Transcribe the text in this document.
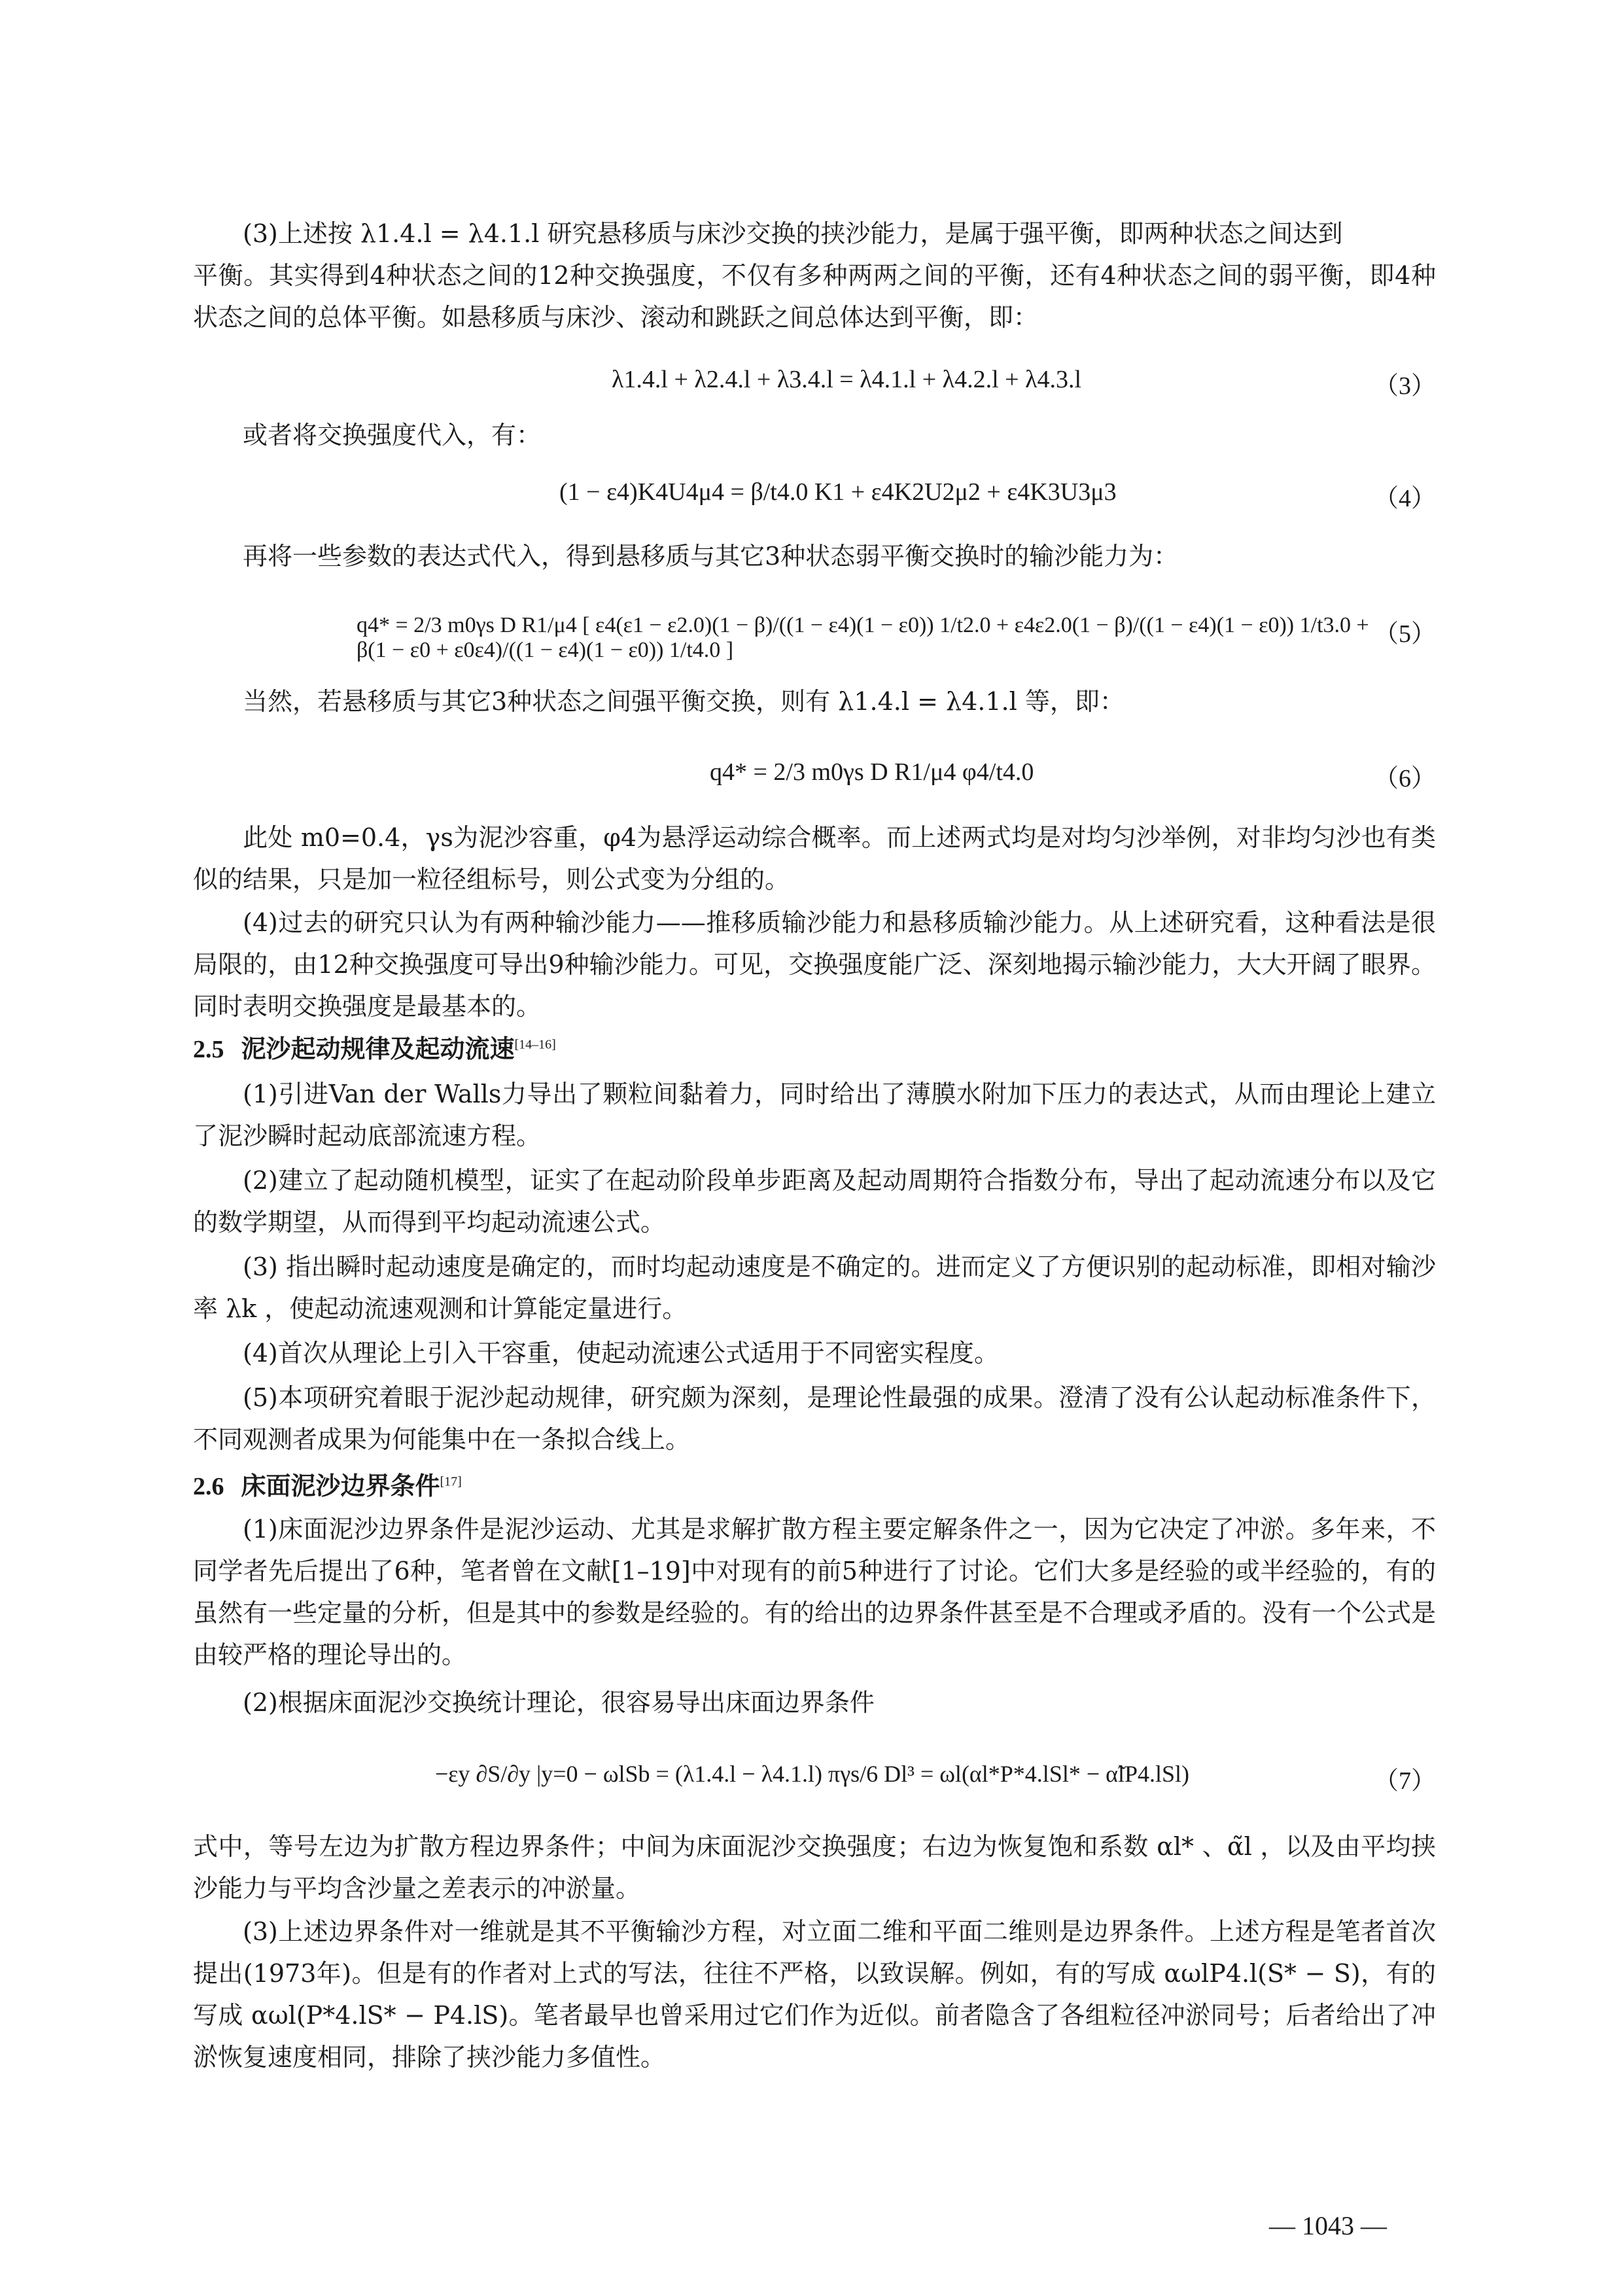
(3)上述按 λ1.4.l = λ4.1.l 研究悬移质与床沙交换的挟沙能力，是属于强平衡，即两种状态之间达到

平衡。其实得到4种状态之间的12种交换强度，不仅有多种两两之间的平衡，还有4种状态之间的弱平衡，即4种状态之间的总体平衡。如悬移质与床沙、滚动和跳跃之间总体达到平衡，即：

λ1.4.l + λ2.4.l + λ3.4.l = λ4.1.l + λ4.2.l + λ4.3.l	（3）

或者将交换强度代入，有：

(1 − ε4)K4U4μ4 = β/t4.0 K1 + ε4K2U2μ2 + ε4K3U3μ3	（4）

再将一些参数的表达式代入，得到悬移质与其它3种状态弱平衡交换时的输沙能力为：

q4* = 2/3 m0γs D R1/μ4 [ ε4(ε1 − ε2.0)(1 − β)/((1 − ε4)(1 − ε0)) 1/t2.0 + ε4ε2.0(1 − β)/((1 − ε4)(1 − ε0)) 1/t3.0 + β(1 − ε0 + ε0ε4)/((1 − ε4)(1 − ε0)) 1/t4.0 ]
（5）

当然，若悬移质与其它3种状态之间强平衡交换，则有 λ1.4.l = λ4.1.l 等，即：

q4* = 2/3 m0γs D R1/μ4 φ4/t4.0	（6）

此处 m0=0.4，γs为泥沙容重，φ4为悬浮运动综合概率。而上述两式均是对均匀沙举例，对非均匀沙也有类似的结果，只是加一粒径组标号，则公式变为分组的。

(4)过去的研究只认为有两种输沙能力——推移质输沙能力和悬移质输沙能力。从上述研究看，这种看法是很局限的，由12种交换强度可导出9种输沙能力。可见，交换强度能广泛、深刻地揭示输沙能力，大大开阔了眼界。同时表明交换强度是最基本的。

2.5 泥沙起动规律及起动流速[14–16]

(1)引进Van der Walls力导出了颗粒间黏着力，同时给出了薄膜水附加下压力的表达式，从而由理论上建立了泥沙瞬时起动底部流速方程。

(2)建立了起动随机模型，证实了在起动阶段单步距离及起动周期符合指数分布，导出了起动流速分布以及它的数学期望，从而得到平均起动流速公式。

(3) 指出瞬时起动速度是确定的，而时均起动速度是不确定的。进而定义了方便识别的起动标准，即相对输沙率 λk ，使起动流速观测和计算能定量进行。

(4)首次从理论上引入干容重，使起动流速公式适用于不同密实程度。

(5)本项研究着眼于泥沙起动规律，研究颇为深刻，是理论性最强的成果。澄清了没有公认起动标准条件下，不同观测者成果为何能集中在一条拟合线上。

2.6 床面泥沙边界条件[17]

(1)床面泥沙边界条件是泥沙运动、尤其是求解扩散方程主要定解条件之一，因为它决定了冲淤。多年来，不同学者先后提出了6种，笔者曾在文献[1–19]中对现有的前5种进行了讨论。它们大多是经验的或半经验的，有的虽然有一些定量的分析，但是其中的参数是经验的。有的给出的边界条件甚至是不合理或矛盾的。没有一个公式是由较严格的理论导出的。

(2)根据床面泥沙交换统计理论，很容易导出床面边界条件

−εy ∂S/∂y |y=0 − ωlSb = (λ1.4.l − λ4.1.l) πγs/6 Dl³ = ωl(αl*P*4.lSl* − α̃lP4.lSl)	（7）

式中，等号左边为扩散方程边界条件；中间为床面泥沙交换强度；右边为恢复饱和系数 αl* 、α̃l ，以及由平均挟沙能力与平均含沙量之差表示的冲淤量。

(3)上述边界条件对一维就是其不平衡输沙方程，对立面二维和平面二维则是边界条件。上述方程是笔者首次提出(1973年)。但是有的作者对上式的写法，往往不严格，以致误解。例如，有的写成 αωlP4.l(S* − S)，有的写成 αωl(P*4.lS* − P4.lS)。笔者最早也曾采用过它们作为近似。前者隐含了各组粒径冲淤同号；后者给出了冲淤恢复速度相同，排除了挟沙能力多值性。

— 1043 —
